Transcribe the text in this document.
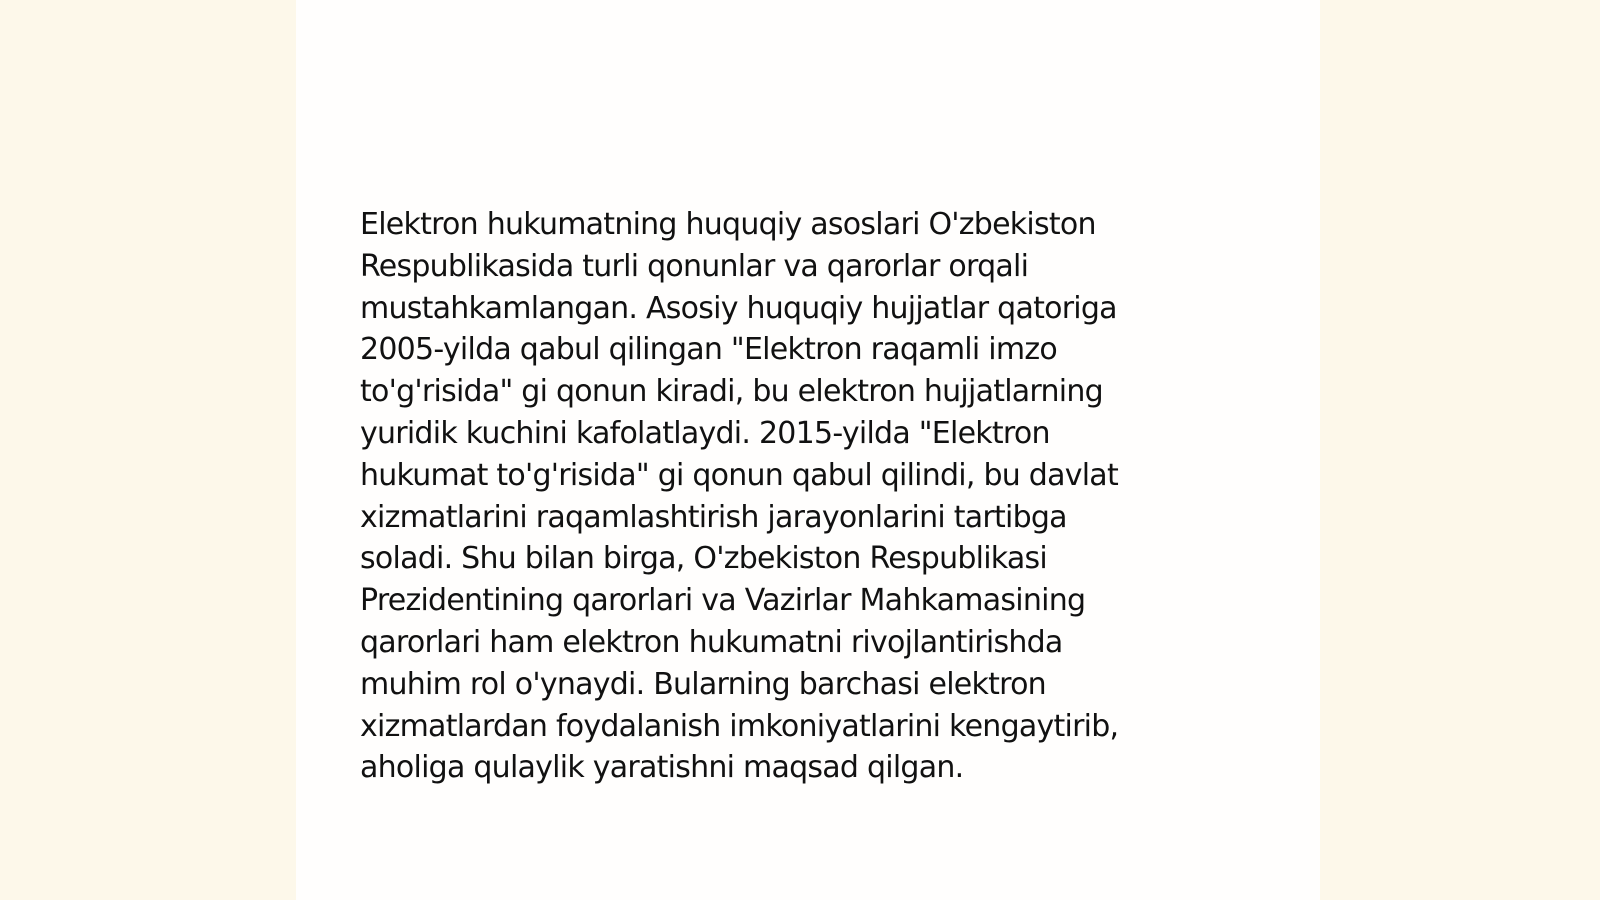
Elektron hukumatning huquqiy asoslari O'zbekiston
Respublikasida turli qonunlar va qarorlar orqali
mustahkamlangan. Asosiy huquqiy hujjatlar qatoriga
2005-yilda qabul qilingan "Elektron raqamli imzo
to'g'risida" gi qonun kiradi, bu elektron hujjatlarning
yuridik kuchini kafolatlaydi. 2015-yilda "Elektron
hukumat to'g'risida" gi qonun qabul qilindi, bu davlat
xizmatlarini raqamlashtirish jarayonlarini tartibga
soladi. Shu bilan birga, O'zbekiston Respublikasi
Prezidentining qarorlari va Vazirlar Mahkamasining
qarorlari ham elektron hukumatni rivojlantirishda
muhim rol o'ynaydi. Bularning barchasi elektron
xizmatlardan foydalanish imkoniyatlarini kengaytirib,
aholiga qulaylik yaratishni maqsad qilgan.
